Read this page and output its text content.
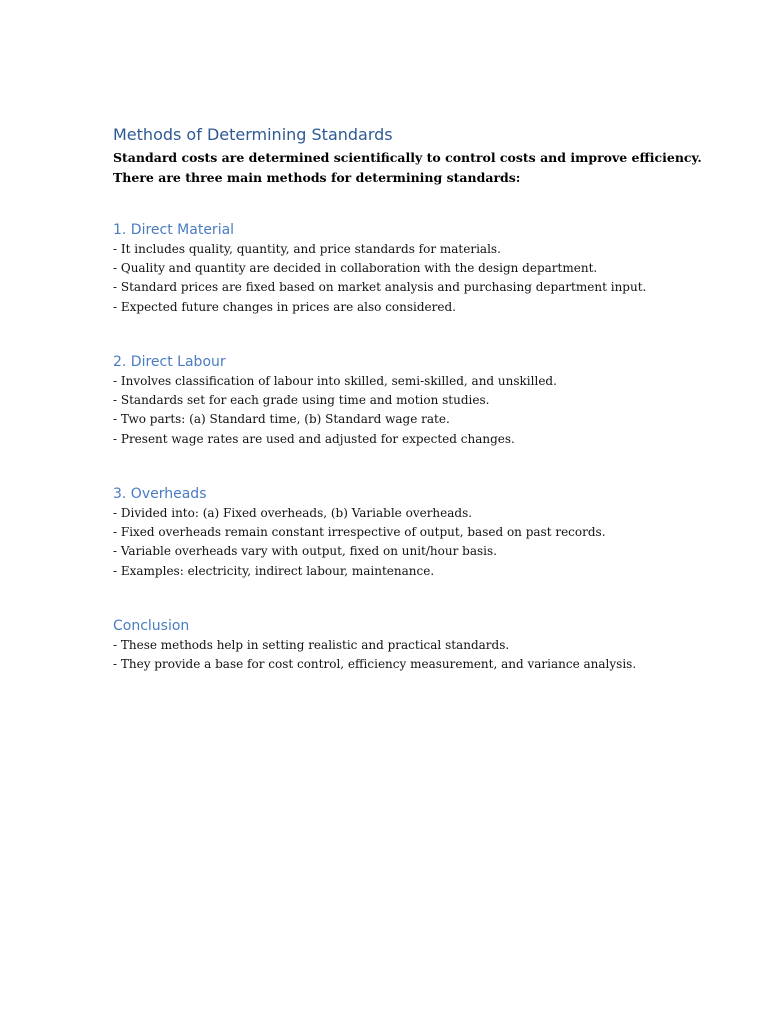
Methods of Determining Standards

Standard costs are determined scientifically to control costs and improve efficiency.

There are three main methods for determining standards:

1. Direct Material

- It includes quality, quantity, and price standards for materials.

- Quality and quantity are decided in collaboration with the design department.

- Standard prices are fixed based on market analysis and purchasing department input.

- Expected future changes in prices are also considered.

2. Direct Labour

- Involves classification of labour into skilled, semi-skilled, and unskilled.

- Standards set for each grade using time and motion studies.

- Two parts: (a) Standard time, (b) Standard wage rate.

- Present wage rates are used and adjusted for expected changes.

3. Overheads

- Divided into: (a) Fixed overheads, (b) Variable overheads.

- Fixed overheads remain constant irrespective of output, based on past records.

- Variable overheads vary with output, fixed on unit/hour basis.

- Examples: electricity, indirect labour, maintenance.

Conclusion

- These methods help in setting realistic and practical standards.

- They provide a base for cost control, efficiency measurement, and variance analysis.
